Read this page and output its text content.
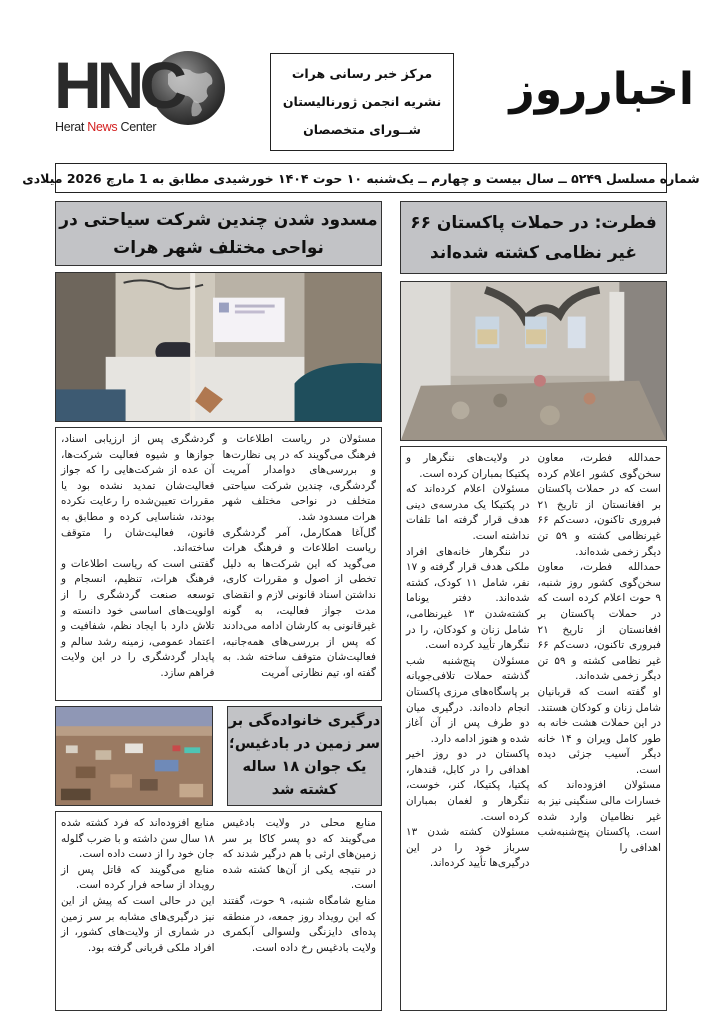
HNC
Herat News Center
مرکز خبر رسانی هرات
نشریه انجمن ژورنالیستان
شــورای متخصصان
اخبارروز
شماره مسلسل ۵۲۴۹ ــ سال بیست و چهارم ــ یک‌شنبه ۱۰ حوت ۱۴۰۴ خورشیدی مطابق به 1 مارچ 2026 میلادی
مسدود شدن چندین شرکت سیاحتی در نواحی مختلف شهر هرات

مسئولان در ریاست اطلاعات و فرهنگ می‌گویند که در پی نظارت‌ها و بررسی‌های دوامدار آمریت گردشگری، چندین شرکت سیاحتی متخلف در نواحی مختلف شهر هرات مسدود شد.

گل‌آغا همکارمل، آمر گردشگری ریاست اطلاعات و فرهنگ هرات می‌گوید که این شرکت‌ها به دلیل تخطی از اصول و مقررات کاری، نداشتن اسناد قانونی لازم و انقضای مدت جواز فعالیت، به گونه غیرقانونی به کارشان ادامه می‌دادند که پس از بررسی‌های همه‌جانبه، فعالیت‌شان متوقف ساخته شد. به گفته او، تیم نظارتی آمریت

گردشگری پس از ارزیابی اسناد، جوازها و شیوه فعالیت شرکت‌ها، آن عده از شرکت‌هایی را که جواز فعالیت‌شان تمدید نشده بود یا مقررات تعیین‌شده را رعایت نکرده بودند، شناسایی کرده و مطابق به قانون، فعالیت‌شان را متوقف ساخته‌اند.

گفتنی است که ریاست اطلاعات و فرهنگ هرات، تنظیم، انسجام و توسعه صنعت گردشگری را از اولویت‌های اساسی خود دانسته و تلاش دارد با ایجاد نظم، شفافیت و اعتماد عمومی، زمینه رشد سالم و پایدار گردشگری را در این ولایت فراهم سازد.

فطرت: در حملات پاکستان ۶۶ غیر نظامی کشته شده‌اند

حمدالله فطرت، معاون سخن‌گوی کشور اعلام کرده است که در حملات پاکستان بر افغانستان از تاریخ ۲۱ فبروری تاکنون، دست‌کم ۶۶ غیرنظامی کشته و ۵۹ تن دیگر زخمی شده‌اند.

حمدالله فطرت، معاون سخن‌گوی کشور روز شنبه، ۹ حوت اعلام کرده است که در حملات پاکستان بر افغانستان از تاریخ ۲۱ فبروری تاکنون، دست‌کم ۶۶ غیر نظامی کشته و ۵۹ تن دیگر زخمی شده‌اند.

او گفته است که قربانیان شامل زنان و کودکان هستند. در این حملات هشت خانه به طور کامل ویران و ۱۴ خانه دیگر آسیب جزئی دیده است.

مسئولان افزوده‌اند که خسارات مالی سنگینی نیز به غیر نظامیان وارد شده است. پاکستان پنج‌شنبه‌شب اهدافی را

در ولایت‌های ننگرهار و پکتیکا بمباران کرده است.

مسئولان اعلام کرده‌اند که در پکتیکا یک مدرسه‌ی دینی هدف قرار گرفته اما تلفات نداشته است.

در ننگرهار خانه‌های افراد ملکی هدف قرار گرفته و ۱۷ نفر، شامل ۱۱ کودک، کشته شده‌اند. دفتر یوناما کشته‌شدن ۱۳ غیرنظامی، شامل زنان و کودکان، را در ننگرهار تأیید کرده است.

مسئولان پنج‌شنبه شب گذشته حملات تلافی‌جویانه بر پاسگاه‌های مرزی پاکستان انجام داده‌اند. درگیری میان دو طرف پس از آن آغاز شده و هنوز ادامه دارد.

پاکستان در دو روز اخیر اهدافی را در کابل، قندهار، پکتیا، پکتیکا، کنر، خوست، ننگرهار و لغمان بمباران کرده است.

مسئولان کشته شدن ۱۳ سرباز خود را در این درگیری‌ها تأیید کرده‌اند.

درگیری خانواده‌گی بر سر زمین در بادغیس؛ یک جوان ۱۸ ساله کشته شد

منابع محلی در ولایت بادغیس می‌گویند که دو پسر کاکا بر سر زمین‌های ارثی با هم درگیر شدند که در نتیجه یکی از آن‌ها کشته شده است.

منابع شامگاه شنبه، ۹ حوت، گفتند که این رویداد روز جمعه، در منطقه پده‌ای دایزنگی ولسوالی آبکمری ولایت بادغیس رخ داده است.

منابع افزوده‌اند که فرد کشته شده ۱۸ سال سن داشته و با ضرب گلوله جان خود را از دست داده است.

منابع می‌گویند که قاتل پس از رویداد از ساحه فرار کرده است.

این در حالی است که پیش از این نیز درگیری‌های مشابه بر سر زمین در شماری از ولایت‌های کشور، از افراد ملکی قربانی گرفته بود.
